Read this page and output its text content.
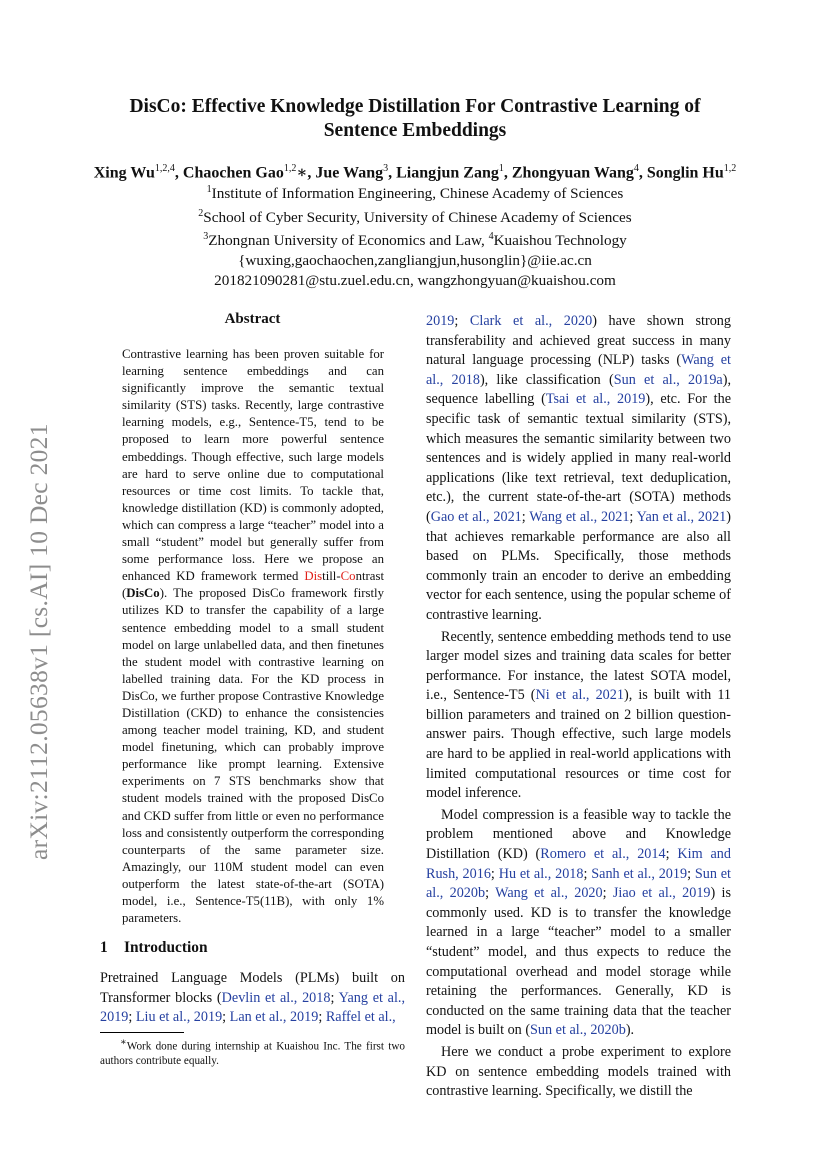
arXiv:2112.05638v1 [cs.AI] 10 Dec 2021
DisCo: Effective Knowledge Distillation For Contrastive Learning of
Sentence Embeddings
Xing Wu$^{1,2,4}$, Chaochen Gao$^{1,2}$∗, Jue Wang$^3$, Liangjun Zang$^1$, Zhongyuan Wang$^4$, Songlin Hu$^{1,2}$
$^1$Institute of Information Engineering, Chinese Academy of Sciences
$^2$School of Cyber Security, University of Chinese Academy of Sciences
$^3$Zhongnan University of Economics and Law, $^4$Kuaishou Technology
{wuxing,gaochaochen,zangliangjun,husonglin}@iie.ac.cn
201821090281@stu.zuel.edu.cn, wangzhongyuan@kuaishou.com
Abstract
Contrastive learning has been proven suitable for learning sentence embeddings and can significantly improve the semantic textual similarity (STS) tasks. Recently, large contrastive learning models, e.g., Sentence-T5, tend to be proposed to learn more powerful sentence embeddings. Though effective, such large models are hard to serve online due to computational resources or time cost limits. To tackle that, knowledge distillation (KD) is commonly adopted, which can compress a large “teacher” model into a small “student” model but generally suffer from some performance loss. Here we propose an enhanced KD framework termed Distill-Contrast (DisCo). The proposed DisCo framework firstly utilizes KD to transfer the capability of a large sentence embedding model to a small student model on large unlabelled data, and then finetunes the student model with contrastive learning on labelled training data. For the KD process in DisCo, we further propose Contrastive Knowledge Distillation (CKD) to enhance the consistencies among teacher model training, KD, and student model finetuning, which can probably improve performance like prompt learning. Extensive experiments on 7 STS benchmarks show that student models trained with the proposed DisCo and CKD suffer from little or even no performance loss and consistently outperform the corresponding counterparts of the same parameter size. Amazingly, our 110M student model can even outperform the latest state-of-the-art (SOTA) model, i.e., Sentence-T5(11B), with only 1% parameters.
1 Introduction
Pretrained Language Models (PLMs) built on Transformer blocks (Devlin et al., 2018; Yang et al., 2019; Liu et al., 2019; Lan et al., 2019; Raffel et al.,
∗Work done during internship at Kuaishou Inc. The first two authors contribute equally.

2019; Clark et al., 2020) have shown strong transferability and achieved great success in many natural language processing (NLP) tasks (Wang et al., 2018), like classification (Sun et al., 2019a), sequence labelling (Tsai et al., 2019), etc. For the specific task of semantic textual similarity (STS), which measures the semantic similarity between two sentences and is widely applied in many real-world applications (like text retrieval, text deduplication, etc.), the current state-of-the-art (SOTA) methods (Gao et al., 2021; Wang et al., 2021; Yan et al., 2021) that achieves remarkable performance are also all based on PLMs. Specifically, those methods commonly train an encoder to derive an embedding vector for each sentence, using the popular scheme of contrastive learning.

Recently, sentence embedding methods tend to use larger model sizes and training data scales for better performance. For instance, the latest SOTA model, i.e., Sentence-T5 (Ni et al., 2021), is built with 11 billion parameters and trained on 2 billion question-answer pairs. Though effective, such large models are hard to be applied in real-world applications with limited computational resources or time cost for model inference.

Model compression is a feasible way to tackle the problem mentioned above and Knowledge Distillation (KD) (Romero et al., 2014; Kim and Rush, 2016; Hu et al., 2018; Sanh et al., 2019; Sun et al., 2020b; Wang et al., 2020; Jiao et al., 2019) is commonly used. KD is to transfer the knowledge learned in a large “teacher” model to a smaller “student” model, and thus expects to reduce the computational overhead and model storage while retaining the performances. Generally, KD is conducted on the same training data that the teacher model is built on (Sun et al., 2020b).

Here we conduct a probe experiment to explore KD on sentence embedding models trained with contrastive learning. Specifically, we distill the
